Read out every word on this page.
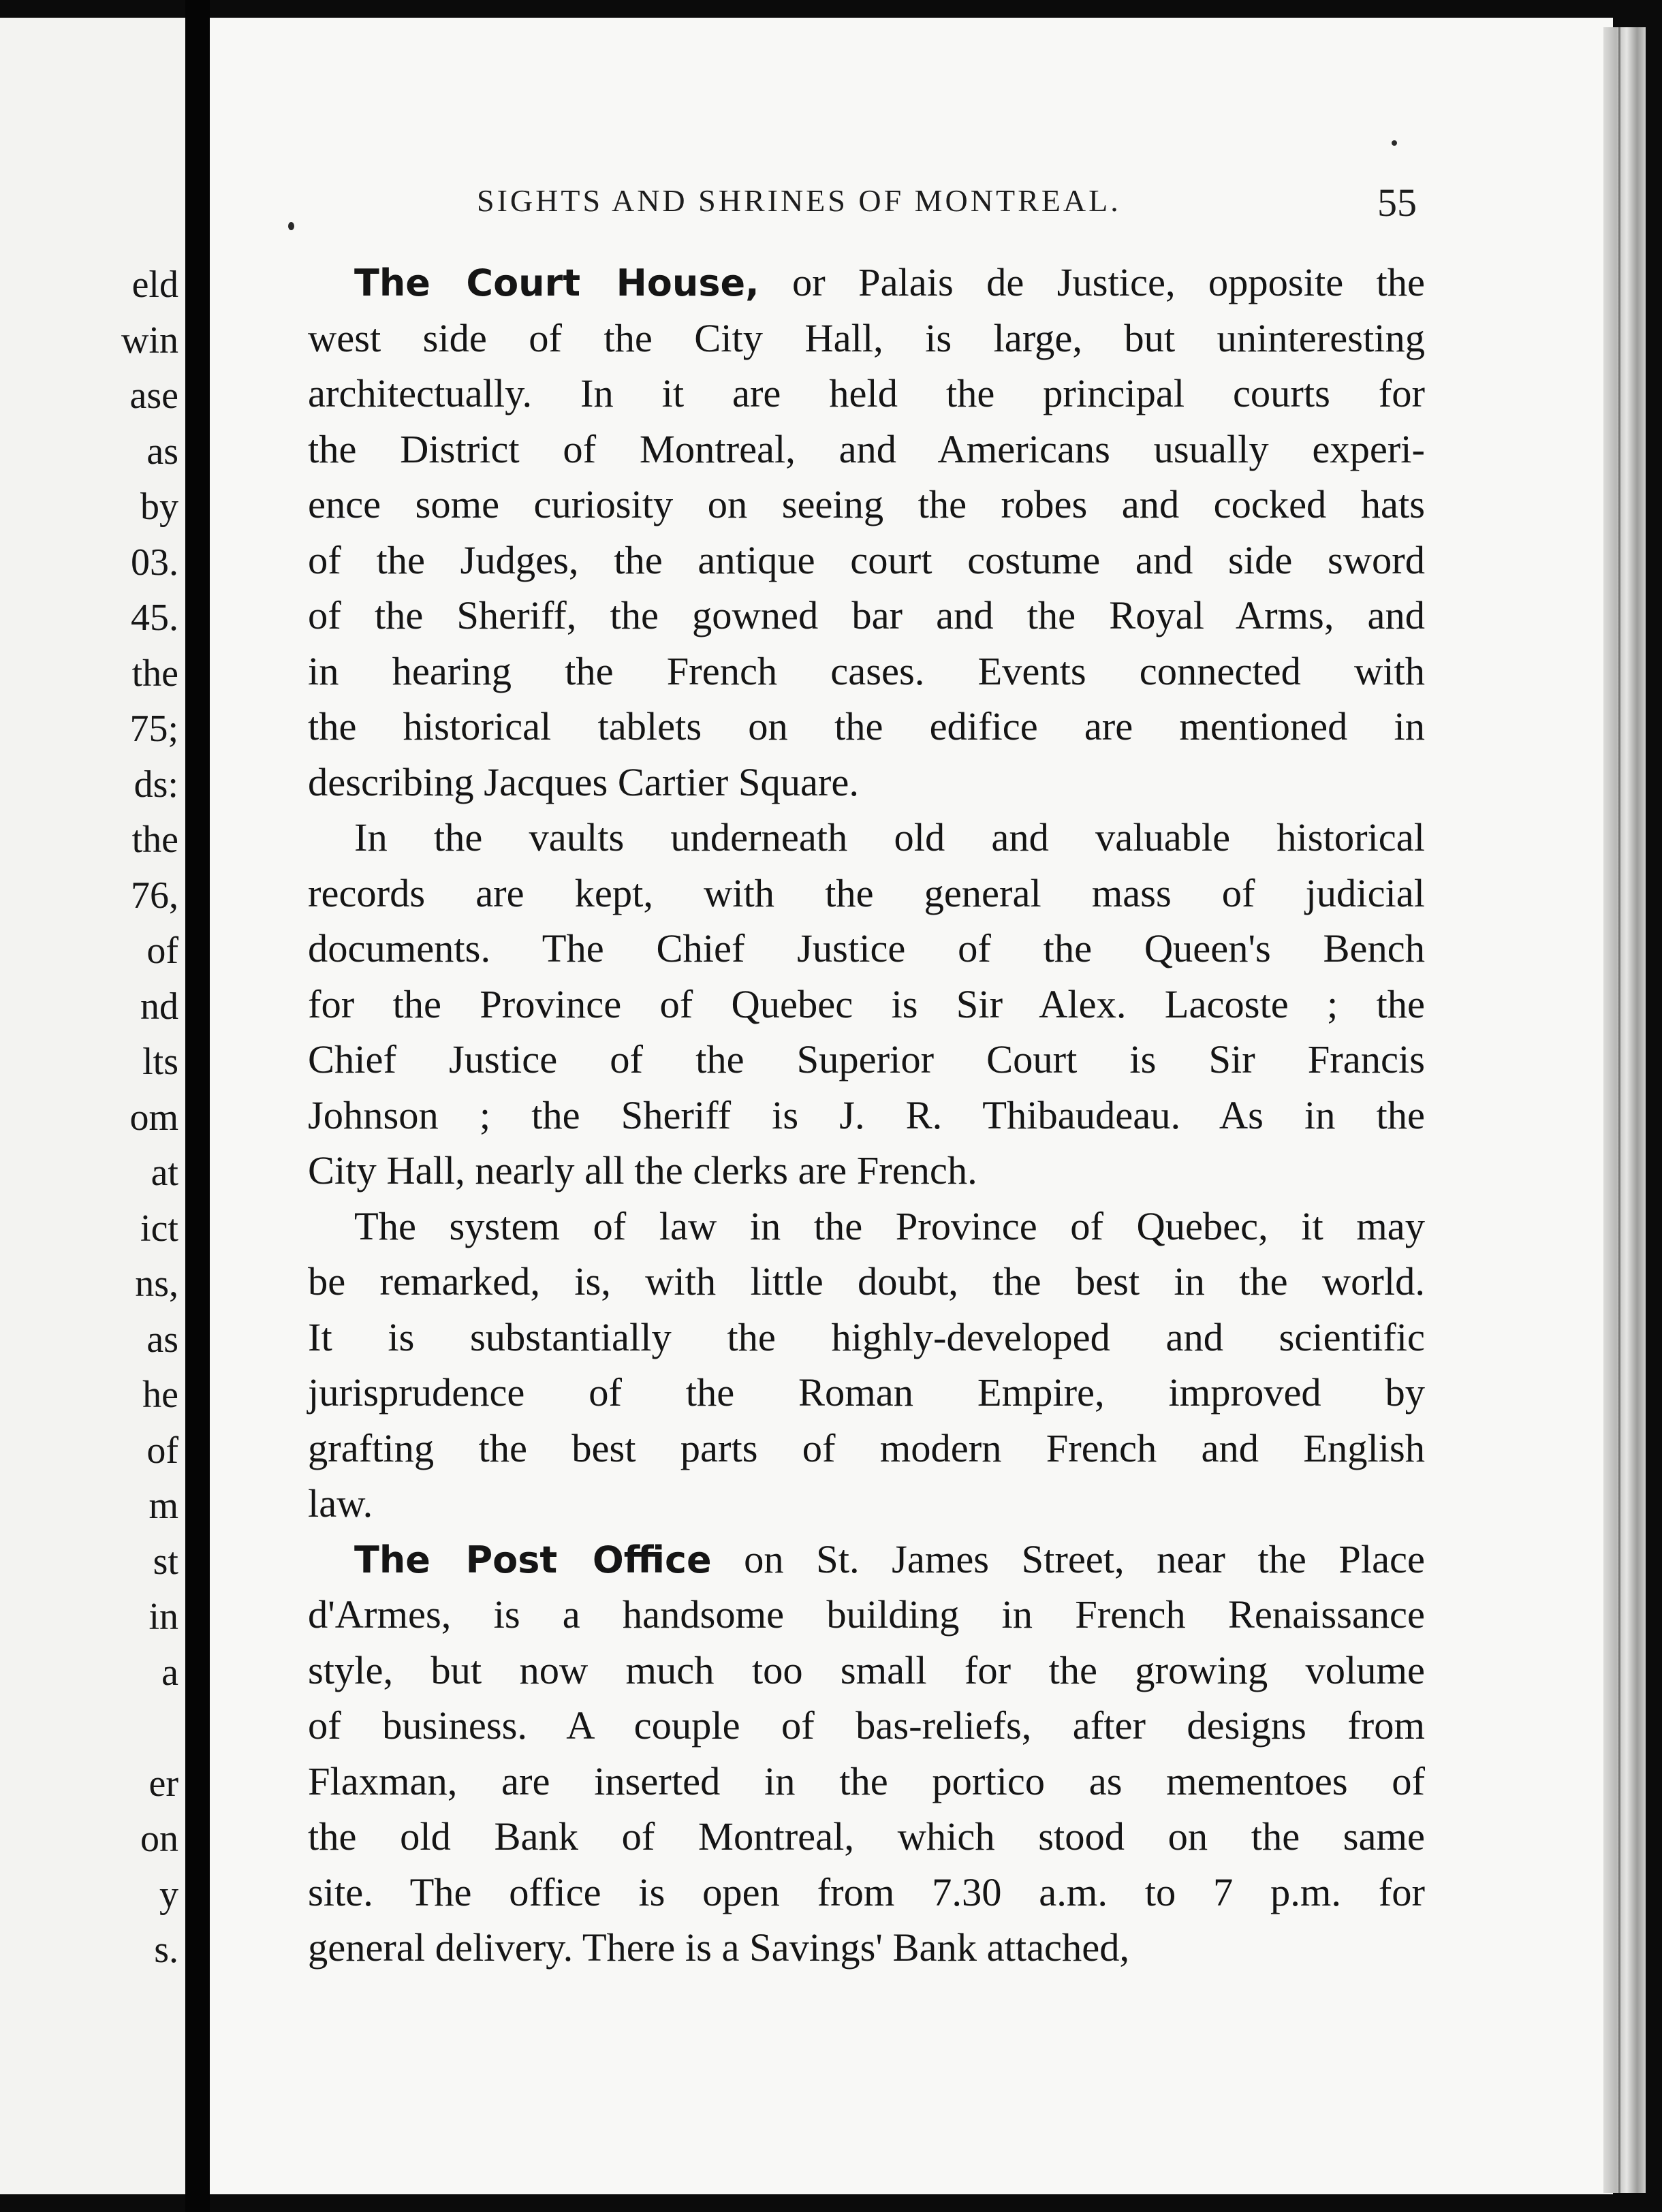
eld
win
ase
as
by
03.
45.
the
75;
ds:
the
76,
of
nd
lts
om
at
ict
ns,
as
he
of
m
st
in
a
er
on
y
s.
SIGHTS AND SHRINES OF MONTREAL.	55
The Court House, or Palais de Justice, opposite the
west side of the City Hall, is large, but uninteresting
architectually. In it are held the principal courts for
the District of Montreal, and Americans usually experi-
ence some curiosity on seeing the robes and cocked hats
of the Judges, the antique court costume and side sword
of the Sheriff, the gowned bar and the Royal Arms, and
in hearing the French cases. Events connected with
the historical tablets on the edifice are mentioned in
describing Jacques Cartier Square.
In the vaults underneath old and valuable historical
records are kept, with the general mass of judicial
documents. The Chief Justice of the Queen's Bench
for the Province of Quebec is Sir Alex. Lacoste ; the
Chief Justice of the Superior Court is Sir Francis
Johnson ; the Sheriff is J. R. Thibaudeau. As in the
City Hall, nearly all the clerks are French.
The system of law in the Province of Quebec, it may
be remarked, is, with little doubt, the best in the world.
It is substantially the highly-developed and scientific
jurisprudence of the Roman Empire, improved by
grafting the best parts of modern French and English
law.
The Post Office on St. James Street, near the Place
d'Armes, is a handsome building in French Renaissance
style, but now much too small for the growing volume
of business. A couple of bas-reliefs, after designs from
Flaxman, are inserted in the portico as mementoes of
the old Bank of Montreal, which stood on the same
site. The office is open from 7.30 a.m. to 7 p.m. for
general delivery. There is a Savings' Bank attached,
